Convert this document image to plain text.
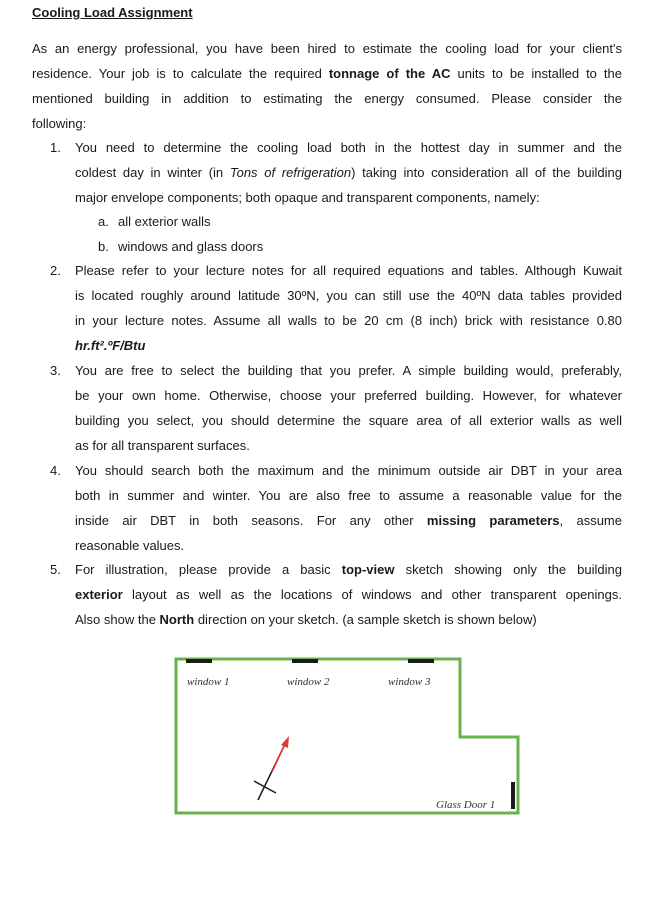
Cooling Load Assignment
As an energy professional, you have been hired to estimate the cooling load for your client's
residence. Your job is to calculate the required tonnage of the AC units to be installed to the
mentioned building in addition to estimating the energy consumed. Please consider the
following:
1.	You need to determine the cooling load both in the hottest day in summer and the
coldest day in winter (in Tons of refrigeration) taking into consideration all of the building
major envelope components; both opaque and transparent components, namely:
a. all exterior walls
b. windows and glass doors
2.	Please refer to your lecture notes for all required equations and tables. Although Kuwait
is located roughly around latitude 30ºN, you can still use the 40ºN data tables provided
in your lecture notes. Assume all walls to be 20 cm (8 inch) brick with resistance 0.80
hr.ft².ºF/Btu
3.	You are free to select the building that you prefer. A simple building would, preferably,
be your own home. Otherwise, choose your preferred building. However, for whatever
building you select, you should determine the square area of all exterior walls as well
as for all transparent surfaces.
4.	You should search both the maximum and the minimum outside air DBT in your area
both in summer and winter. You are also free to assume a reasonable value for the
inside air DBT in both seasons. For any other missing parameters, assume
reasonable values.
5.	For illustration, please provide a basic top-view sketch showing only the building
exterior layout as well as the locations of windows and other transparent openings.
Also show the North direction on your sketch. (a sample sketch is shown below)
window 1	window 2	window 3
Glass Door 1
